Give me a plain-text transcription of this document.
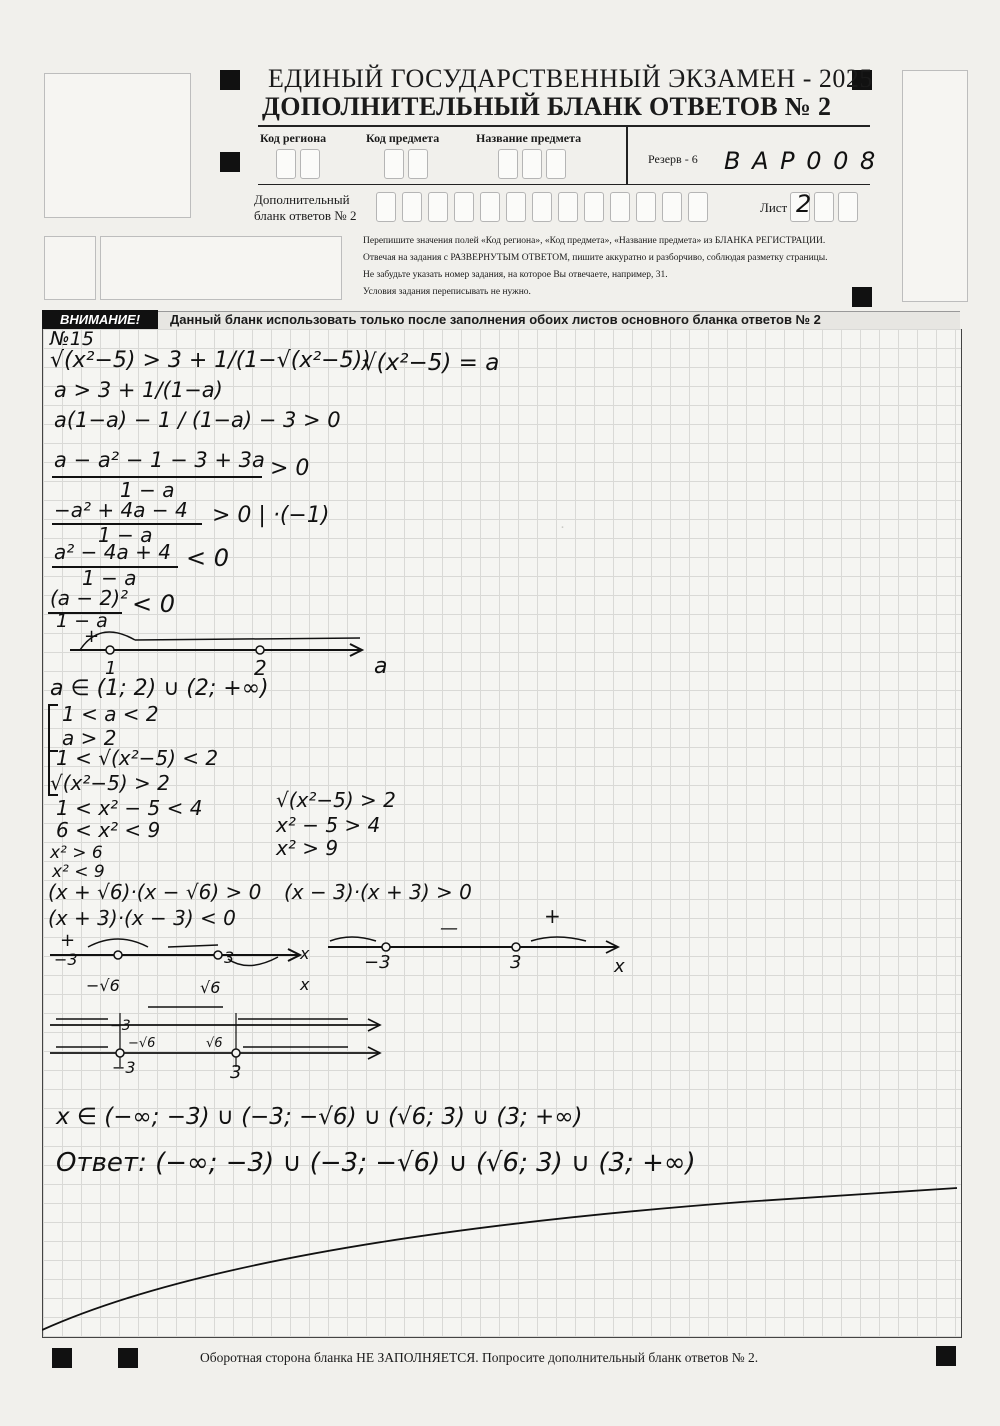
ЕДИНЫЙ ГОСУДАРСТВЕННЫЙ ЭКЗАМЕН - 2025
ДОПОЛНИТЕЛЬНЫЙ БЛАНК ОТВЕТОВ № 2
Код региона	Код предмета	Название предмета
Резерв - 6 В А Р 0 0 8
Дополнительный
бланк ответов № 2
Лист 2
Перепишите значения полей «Код региона», «Код предмета», «Название предмета» из БЛАНКА РЕГИСТРАЦИИ.
Отвечая на задания с РАЗВЕРНУТЫМ ОТВЕТОМ, пишите аккуратно и разборчиво, соблюдая разметку страницы.
Не забудьте указать номер задания, на которое Вы отвечаете, например, 31.
Условия задания переписывать не нужно.
ВНИМАНИЕ!	Данный бланк использовать только после заполнения обоих листов основного бланка ответов № 2
№15
√(x²−5) > 3 + 1/(1−√(x²−5))
√(x²−5) = a
a > 3 + 1/(1−a)
a(1−a) − 1 / (1−a) − 3 > 0
a − a² − 1 − 3 + 3a
1 − a
> 0
−a² + 4a − 4
1 − a
> 0 | ·(−1)
a² − 4a + 4
1 − a
< 0
(a − 2)²
1 − a
< 0
+
1	2	a
a ∈ (1; 2) ∪ (2; +∞)
1 < a < 2
a > 2
1 < √(x²−5) < 2
√(x²−5) > 2
1 < x² − 5 < 4
6 < x² < 9
x² > 6
x² < 9
√(x²−5) > 2
x² − 5 > 4
x² > 9
(x + √6)·(x − √6) > 0
(x + 3)·(x − 3) < 0
(x − 3)·(x + 3) > 0
+
−3
−√6	√6
3	x
x
—
+
−3	3	x
−3
−√6	√6
−3	3
x ∈ (−∞; −3) ∪ (−3; −√6) ∪ (√6; 3) ∪ (3; +∞)
Ответ: (−∞; −3) ∪ (−3; −√6) ∪ (√6; 3) ∪ (3; +∞)
·
Оборотная сторона бланка НЕ ЗАПОЛНЯЕТСЯ. Попросите дополнительный бланк ответов № 2.
